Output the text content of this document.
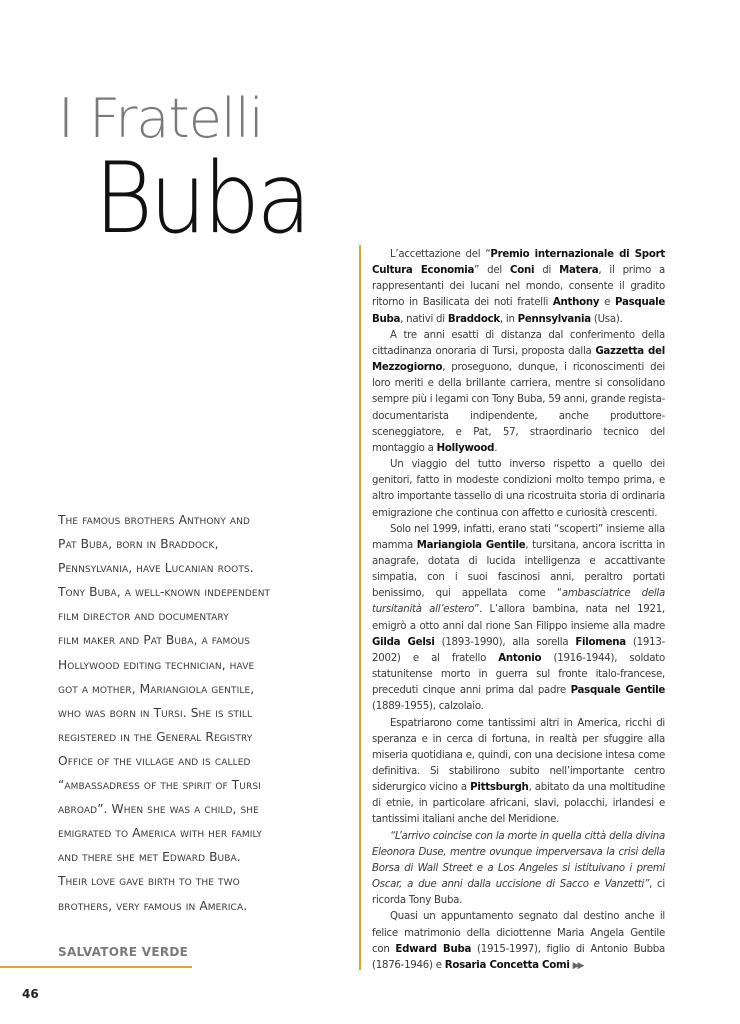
I Fratelli
Buba

The famous brothers Anthony and

Pat Buba, born in Braddock,

Pennsylvania, have Lucanian roots.

Tony Buba, a well-known independent

film director and documentary

film maker and Pat Buba, a famous

Hollywood editing technician, have

got a mother, Mariangiola gentile,

who was born in Tursi. She is still

registered in the General Registry

Office of the village and is called

“ambassadress of the spirit of Tursi

abroad”. When she was a child, she

emigrated to America with her family

and there she met Edward Buba.

Their love gave birth to the two

brothers, very famous in America.

SALVATORE VERDE

L’accettazione del “Premio internazionale di Sport Cultura Economia” del Coni di Matera, il primo a rappresentanti dei lucani nel mondo, consente il gradito ritorno in Basilicata dei noti fratelli Anthony e Pasquale Buba, nativi di Braddock, in Pennsylvania (Usa).

A tre anni esatti di distanza dal conferimento della cittadinanza onoraria di Tursi, proposta dalla Gazzetta del Mezzogiorno, proseguono, dunque, i riconoscimenti dei loro meriti e della brillante carriera, mentre si consolidano sempre più i legami con Tony Buba, 59 anni, grande regista-documentarista indipendente, anche produttore-sceneggiatore, e Pat, 57, straordinario tecnico del montaggio a Hollywood.

Un viaggio del tutto inverso rispetto a quello dei genitori, fatto in modeste condizioni molto tempo prima, e altro importante tassello di una ricostruita storia di ordinaria emigrazione che continua con affetto e curiosità crescenti.

Solo nel 1999, infatti, erano stati “scoperti” insieme alla mamma Mariangiola Gentile, tursitana, ancora iscritta in anagrafe, dotata di lucida intelligenza e accattivante simpatia, con i suoi fascinosi anni, peraltro portati benissimo, qui appellata come “ambasciatrice della tursitanità all’estero”. L’allora bambina, nata nel 1921, emigrò a otto anni dal rione San Filippo insieme alla madre Gilda Gelsi (1893-1990), alla sorella Filomena (1913-2002) e al fratello Antonio (1916-1944), soldato statunitense morto in guerra sul fronte italo-francese, preceduti cinque anni prima dal padre Pasquale Gentile (1889-1955), calzolaio.

Espatriarono come tantissimi altri in America, ricchi di speranza e in cerca di fortuna, in realtà per sfuggire alla miseria quotidiana e, quindi, con una decisione intesa come definitiva. Si stabilirono subito nell’importante centro siderurgico vicino a Pittsburgh, abitato da una moltitudine di etnie, in particolare africani, slavi, polacchi, irlandesi e tantissimi italiani anche del Meridione.

“L’arrivo coincise con la morte in quella città della divina Eleonora Duse, mentre ovunque imperversava la crisi della Borsa di Wall Street e a Los Angeles si istituivano i premi Oscar, a due anni dalla uccisione di Sacco e Vanzetti”, ci ricorda Tony Buba.

Quasi un appuntamento segnato dal destino anche il felice matrimonio della diciottenne Maria Angela Gentile con Edward Buba (1915-1997), figlio di Antonio Bubba (1876-1946) e Rosaria Concetta Comi ▶▶

46
